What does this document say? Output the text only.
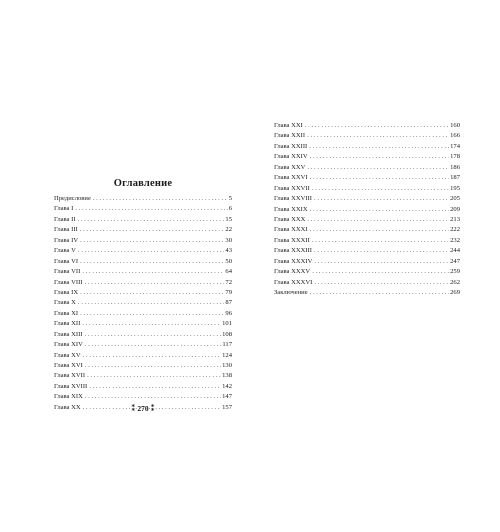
Оглавление
Предисловие . . .	5
Глава I . . .	6
Глава II . . .	15
Глава III . . .	22
Глава IV . . .	30
Глава V . . .	43
Глава VI . . .	50
Глава VII . . .	64
Глава VIII . . .	72
Глава IX . . .	79
Глава X . . .	87
Глава XI . . .	96
Глава XII . . .	101
Глава XIII . . .	108
Глава XIV . . .	117
Глава XV . . .	124
Глава XVI . . .	130
Глава XVII . . .	138
Глава XVIII . . .	142
Глава XIX . . .	147
Глава XX . . .	157
⁑ 270 ⁑
Глава XXI . . .	160
Глава XXII . . .	166
Глава XXIII . . .	174
Глава XXIV . . .	178
Глава XXV . . .	186
Глава XXVI . . .	187
Глава XXVII . . .	195
Глава XXVIII . . .	205
Глава XXIX . . .	209
Глава XXX . . .	213
Глава XXXI . . .	222
Глава XXXII . . .	232
Глава XXXIII . . .	244
Глава XXXIV . . .	247
Глава XXXV . . .	259
Глава XXXVI . . .	262
Заключение . . .	269
